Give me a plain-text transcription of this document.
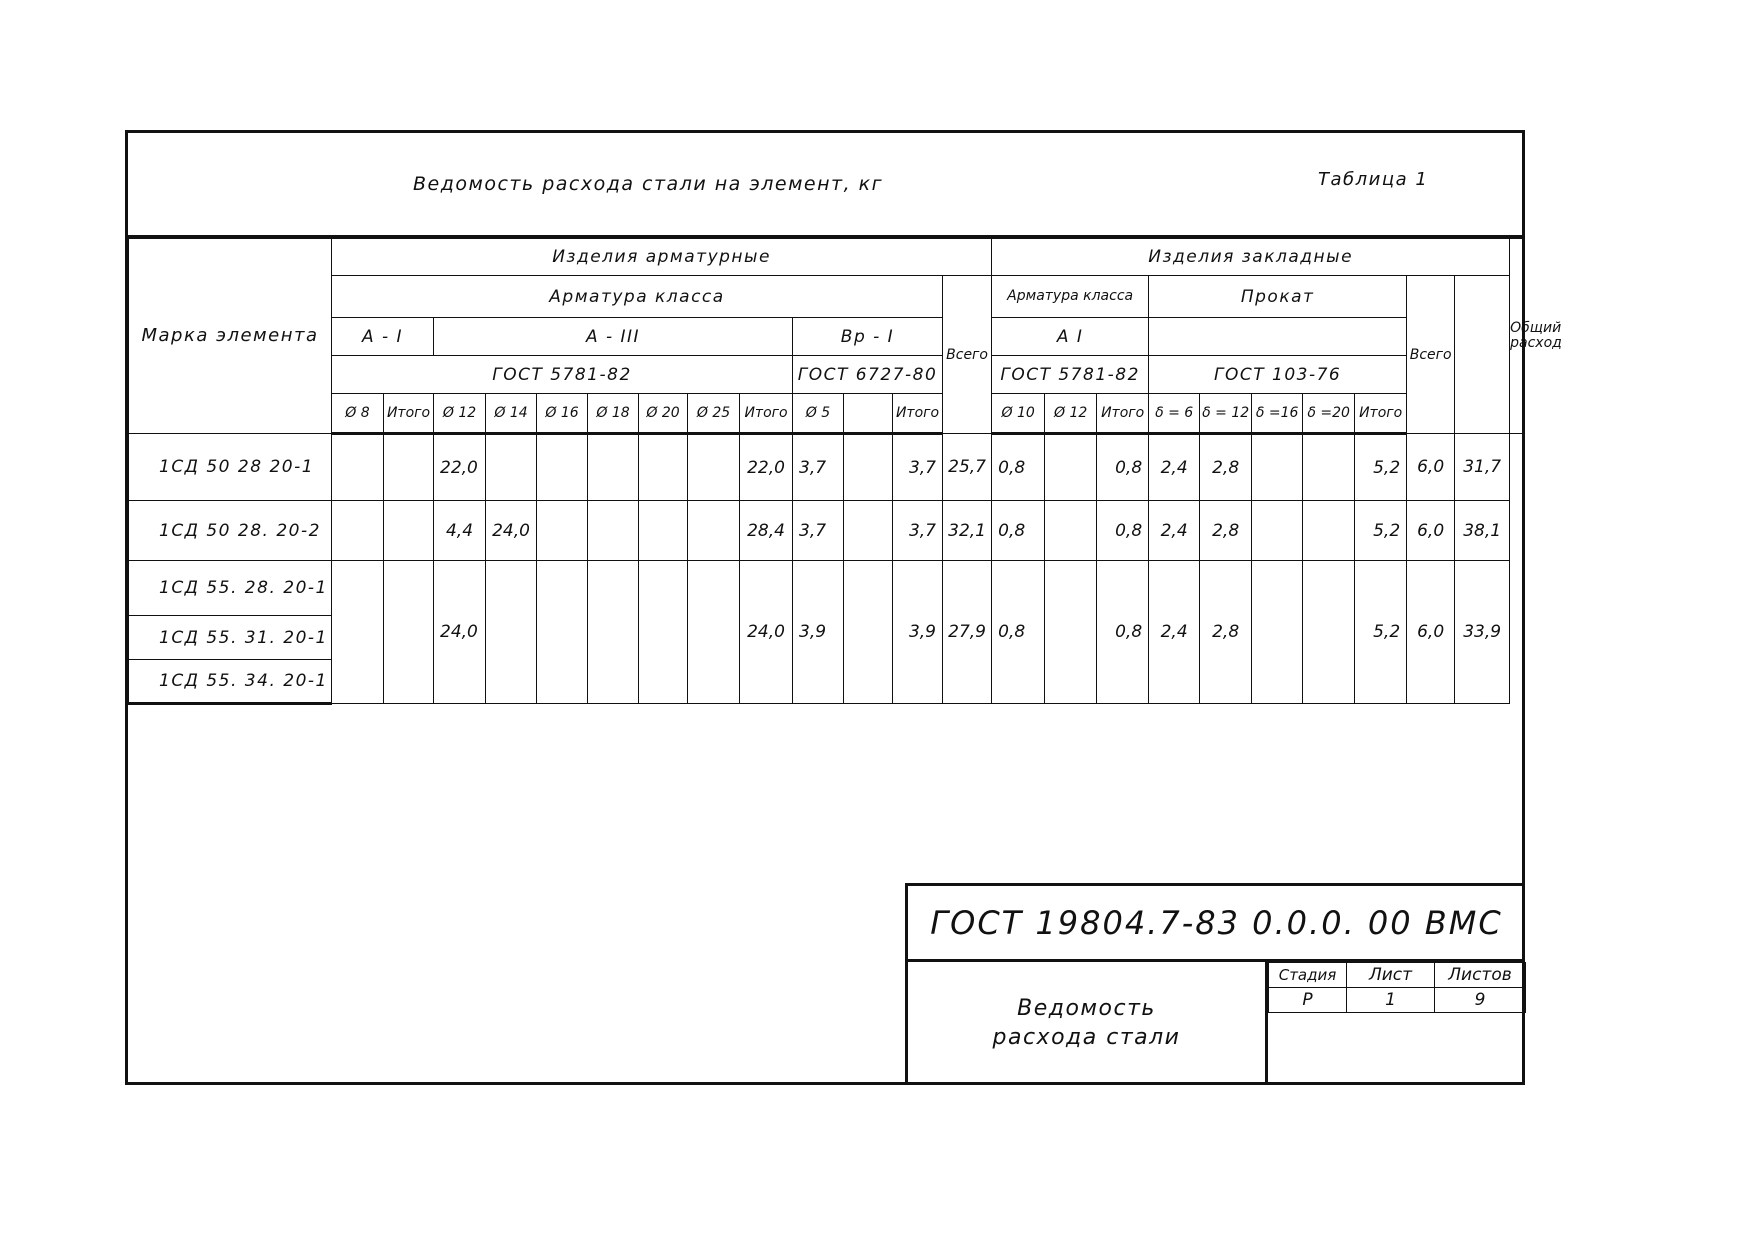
Ведомость расхода стали на элемент, кг	Таблица 1
Марка элемента	Изделия арматурные													Изделия закладные										Общий расход
	Арматура класса												Всего	Арматура класса			Прокат					Всего		
	А - I		А - III							Вр - I				А I										
	ГОСТ 5781-82									ГОСТ 6727-80				ГОСТ 5781-82			ГОСТ 103-76							
	Ø 8	Итого	Ø 12	Ø 14	Ø 16	Ø 18	Ø 20	Ø 25	Итого	Ø 5		Итого		Ø 10	Ø 12	Итого	δ = 6	δ = 12	δ =16	δ =20	Итого			
1СД 50 28 20-1			22,0						22,0	3,7		3,7	25,7	0,8		0,8	2,4	2,8			5,2	6,0	31,7	
1СД 50 28. 20-2			4,4	24,0					28,4	3,7		3,7	32,1	0,8		0,8	2,4	2,8			5,2	6,0	38,1	
1СД 55. 28. 20-1			24,0						24,0	3,9		3,9	27,9	0,8		0,8	2,4	2,8			5,2	6,0	33,9	
1СД 55. 31. 20-1																								
1СД 55. 34. 20-1																								
ГОСТ 19804.7-83 0.0.0. 00 ВМС
Ведомость
расхода стали
Стадия	Лист	Листов
Р	1	9
